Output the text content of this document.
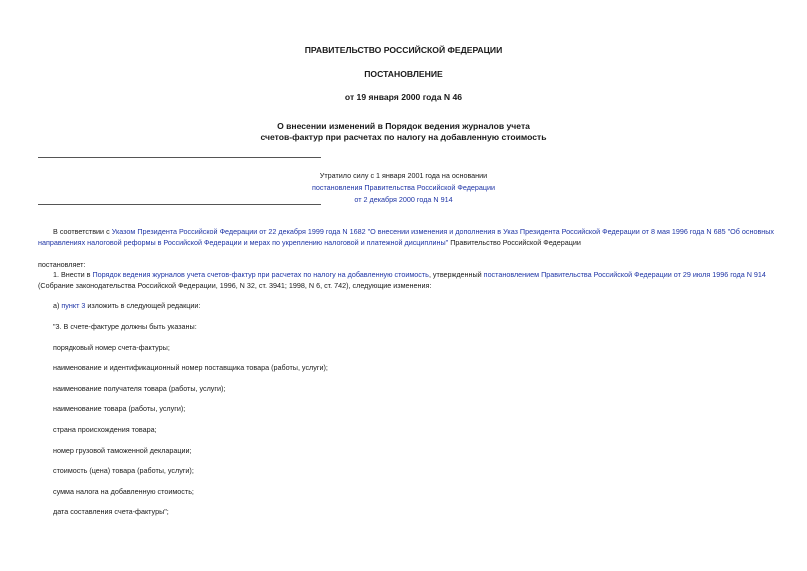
ПРАВИТЕЛЬСТВО РОССИЙСКОЙ ФЕДЕРАЦИИ
ПОСТАНОВЛЕНИЕ
от 19 января 2000 года N 46
О внесении изменений в Порядок ведения журналов учета
счетов-фактур при расчетах по налогу на добавленную стоимость
Утратило силу с 1 января 2001 года на основании
постановления Правительства Российской Федерации
от 2 декабря 2000 года N 914
В соответствии с Указом Президента Российской Федерации от 22 декабря 1999 года N 1682 "О внесении изменения и дополнения в Указ Президента Российской Федерации от 8 мая 1996 года N 685 "Об основных направлениях налоговой реформы в Российской Федерации и мерах по укреплению налоговой и платежной дисциплины" Правительство Российской Федерации
постановляет:
1. Внести в Порядок ведения журналов учета счетов-фактур при расчетах по налогу на добавленную стоимость, утвержденный постановлением Правительства Российской Федерации от 29 июля 1996 года N 914 (Собрание законодательства Российской Федерации, 1996, N 32, ст. 3941; 1998, N 6, ст. 742), следующие изменения:
а) пункт 3 изложить в следующей редакции:
"3. В счете-фактуре должны быть указаны:
порядковый номер счета-фактуры;
наименование и идентификационный номер поставщика товара (работы, услуги);
наименование получателя товара (работы, услуги);
наименование товара (работы, услуги);
страна происхождения товара;
номер грузовой таможенной декларации;
стоимость (цена) товара (работы, услуги);
сумма налога на добавленную стоимость;
дата составления счета-фактуры";
